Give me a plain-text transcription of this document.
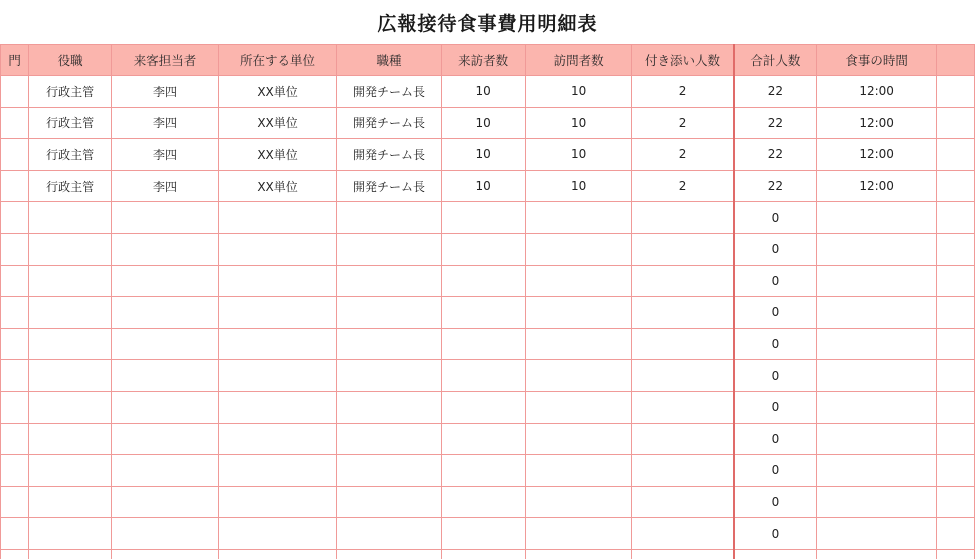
広報接待食事費用明細表
門	役職	来客担当者	所在する単位	職種	来訪者数	訪問者数	付き添い人数	合計人数	食事の時間	
	行政主管	李四	XX単位	開発チーム長	10	10	2	22	12:00	
	行政主管	李四	XX単位	開発チーム長	10	10	2	22	12:00	
	行政主管	李四	XX単位	開発チーム長	10	10	2	22	12:00	
	行政主管	李四	XX単位	開発チーム長	10	10	2	22	12:00	
								0		
								0		
								0		
								0		
								0		
								0		
								0		
								0		
								0		
								0		
								0		
